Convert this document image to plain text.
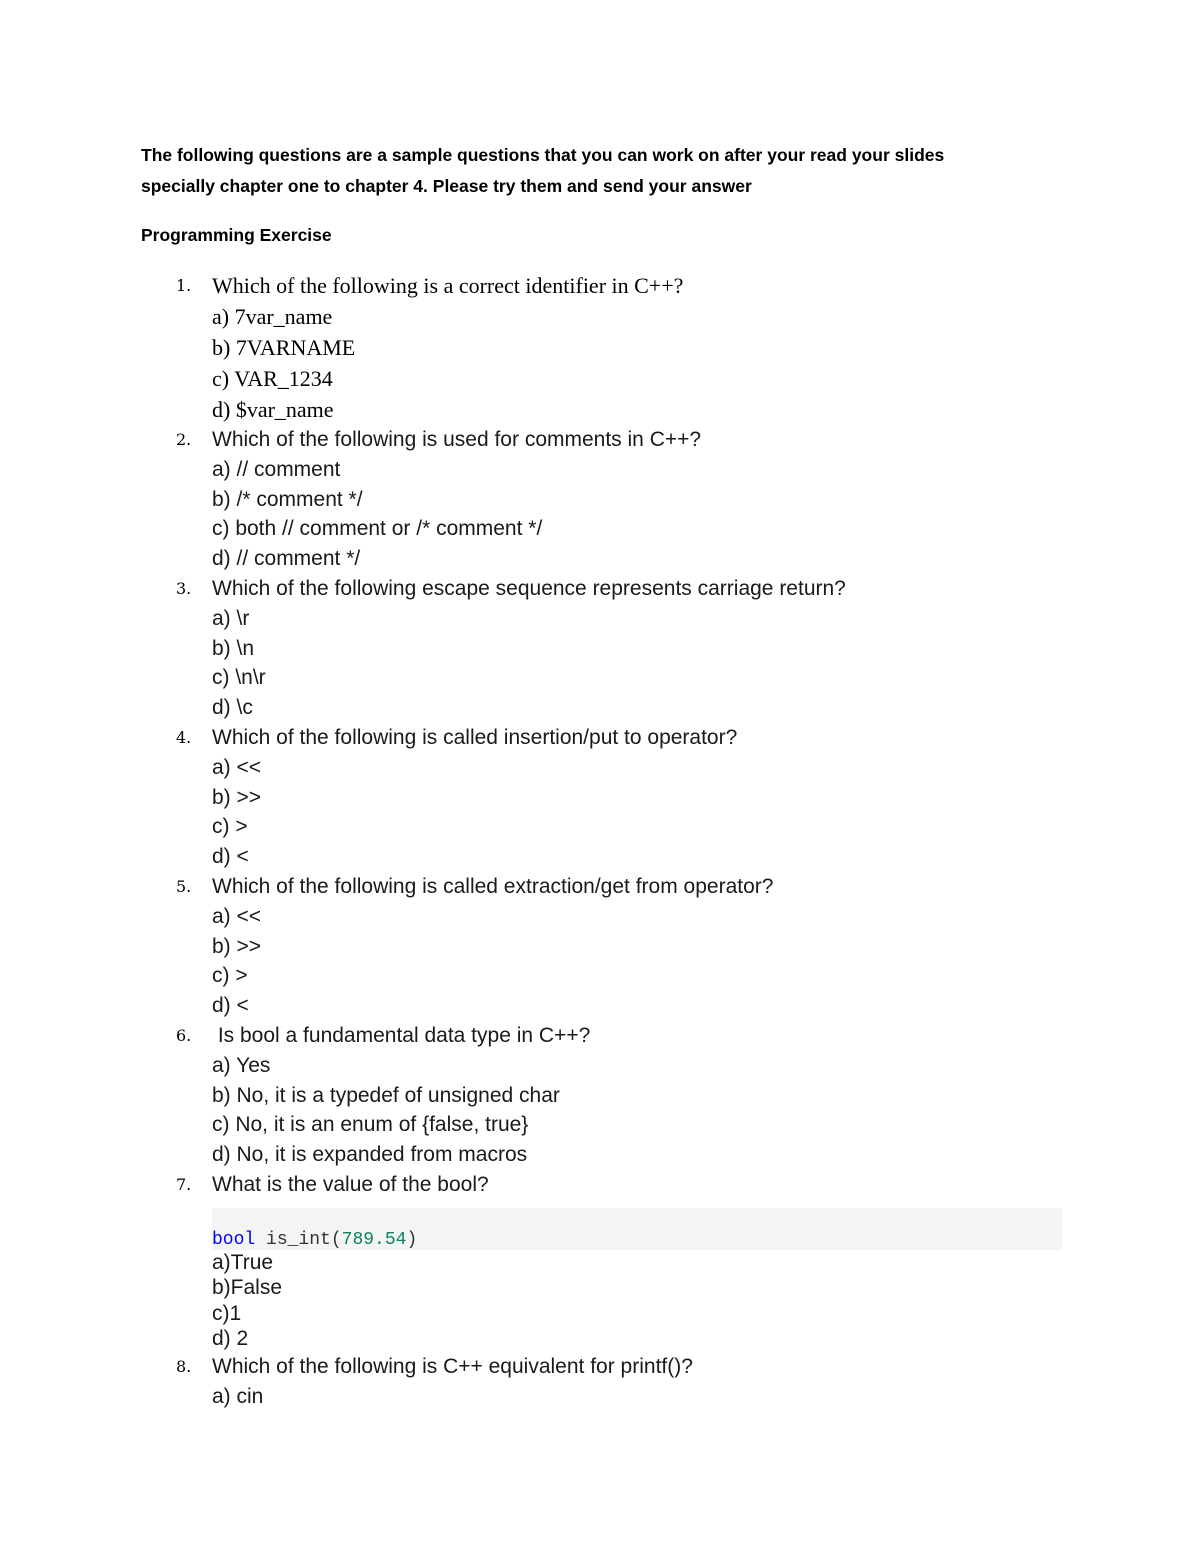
The following questions are a sample questions that you can work on after your read your slides
specially chapter one to chapter 4. Please try them and send your answer
Programming Exercise
1. Which of the following is a correct identifier in C++?
a) 7var_name
b) 7VARNAME
c) VAR_1234
d) $var_name
2. Which of the following is used for comments in C++?
a) // comment
b) /* comment */
c) both // comment or /* comment */
d) // comment */
3. Which of the following escape sequence represents carriage return?
a) \r
b) \n
c) \n\r
d) \c
4. Which of the following is called insertion/put to operator?
a) <<
b) >>
c) >
d) <
5. Which of the following is called extraction/get from operator?
a) <<
b) >>
c) >
d) <
6. Is bool a fundamental data type in C++?
a) Yes
b) No, it is a typedef of unsigned char
c) No, it is an enum of {false, true}
d) No, it is expanded from macros
7. What is the value of the bool?
bool is_int(789.54)
a)True
b)False
c)1
d) 2
8. Which of the following is C++ equivalent for printf()?
a) cin
